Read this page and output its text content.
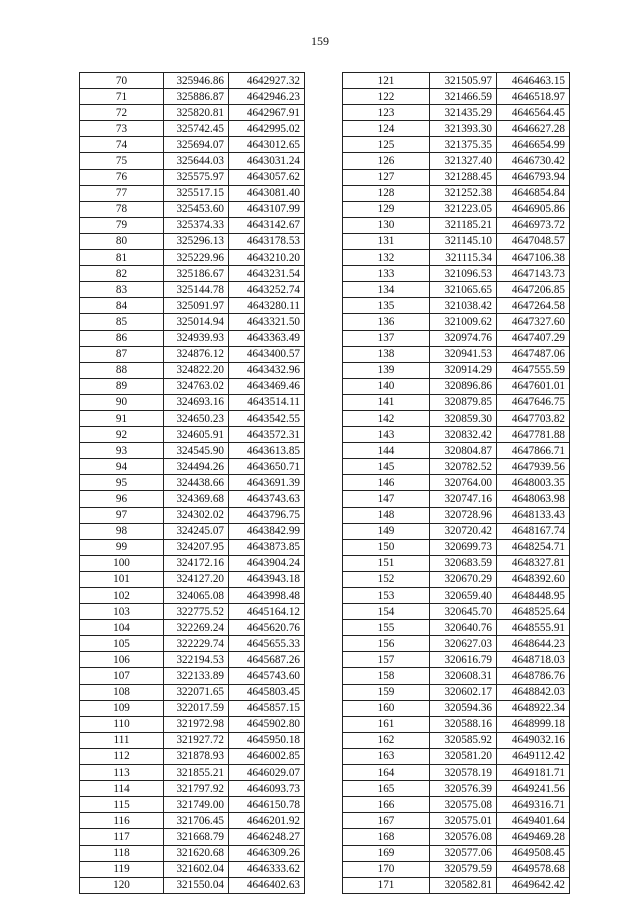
159
70	325946.86	4642927.32
71	325886.87	4642946.23
72	325820.81	4642967.91
73	325742.45	4642995.02
74	325694.07	4643012.65
75	325644.03	4643031.24
76	325575.97	4643057.62
77	325517.15	4643081.40
78	325453.60	4643107.99
79	325374.33	4643142.67
80	325296.13	4643178.53
81	325229.96	4643210.20
82	325186.67	4643231.54
83	325144.78	4643252.74
84	325091.97	4643280.11
85	325014.94	4643321.50
86	324939.93	4643363.49
87	324876.12	4643400.57
88	324822.20	4643432.96
89	324763.02	4643469.46
90	324693.16	4643514.11
91	324650.23	4643542.55
92	324605.91	4643572.31
93	324545.90	4643613.85
94	324494.26	4643650.71
95	324438.66	4643691.39
96	324369.68	4643743.63
97	324302.02	4643796.75
98	324245.07	4643842.99
99	324207.95	4643873.85
100	324172.16	4643904.24
101	324127.20	4643943.18
102	324065.08	4643998.48
103	322775.52	4645164.12
104	322269.24	4645620.76
105	322229.74	4645655.33
106	322194.53	4645687.26
107	322133.89	4645743.60
108	322071.65	4645803.45
109	322017.59	4645857.15
110	321972.98	4645902.80
111	321927.72	4645950.18
112	321878.93	4646002.85
113	321855.21	4646029.07
114	321797.92	4646093.73
115	321749.00	4646150.78
116	321706.45	4646201.92
117	321668.79	4646248.27
118	321620.68	4646309.26
119	321602.04	4646333.62
120	321550.04	4646402.63
121	321505.97	4646463.15
122	321466.59	4646518.97
123	321435.29	4646564.45
124	321393.30	4646627.28
125	321375.35	4646654.99
126	321327.40	4646730.42
127	321288.45	4646793.94
128	321252.38	4646854.84
129	321223.05	4646905.86
130	321185.21	4646973.72
131	321145.10	4647048.57
132	321115.34	4647106.38
133	321096.53	4647143.73
134	321065.65	4647206.85
135	321038.42	4647264.58
136	321009.62	4647327.60
137	320974.76	4647407.29
138	320941.53	4647487.06
139	320914.29	4647555.59
140	320896.86	4647601.01
141	320879.85	4647646.75
142	320859.30	4647703.82
143	320832.42	4647781.88
144	320804.87	4647866.71
145	320782.52	4647939.56
146	320764.00	4648003.35
147	320747.16	4648063.98
148	320728.96	4648133.43
149	320720.42	4648167.74
150	320699.73	4648254.71
151	320683.59	4648327.81
152	320670.29	4648392.60
153	320659.40	4648448.95
154	320645.70	4648525.64
155	320640.76	4648555.91
156	320627.03	4648644.23
157	320616.79	4648718.03
158	320608.31	4648786.76
159	320602.17	4648842.03
160	320594.36	4648922.34
161	320588.16	4648999.18
162	320585.92	4649032.16
163	320581.20	4649112.42
164	320578.19	4649181.71
165	320576.39	4649241.56
166	320575.08	4649316.71
167	320575.01	4649401.64
168	320576.08	4649469.28
169	320577.06	4649508.45
170	320579.59	4649578.68
171	320582.81	4649642.42
